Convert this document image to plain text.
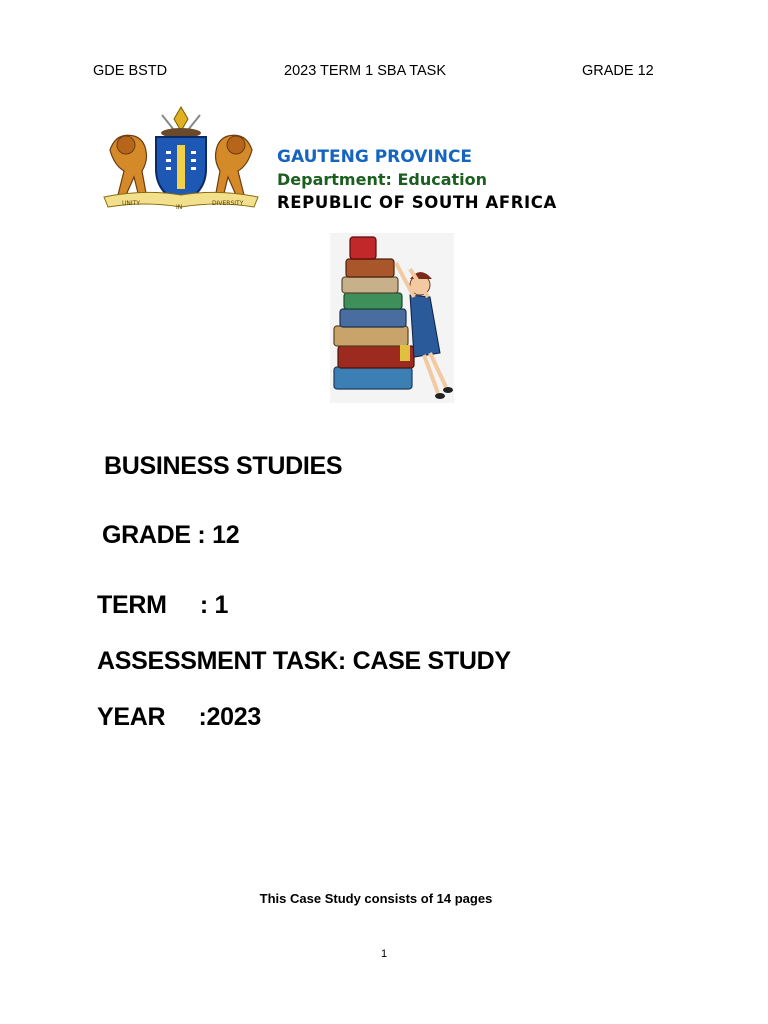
GDE BSTD	2023 TERM 1 SBA TASK	GRADE 12
UNITY
IN
DIVERSITY
GAUTENG PROVINCE
Department: Education
REPUBLIC OF SOUTH AFRICA
BUSINESS STUDIES
GRADE : 12
TERM     : 1
ASSESSMENT TASK: CASE STUDY
YEAR     :2023
This Case Study consists of 14 pages
1
